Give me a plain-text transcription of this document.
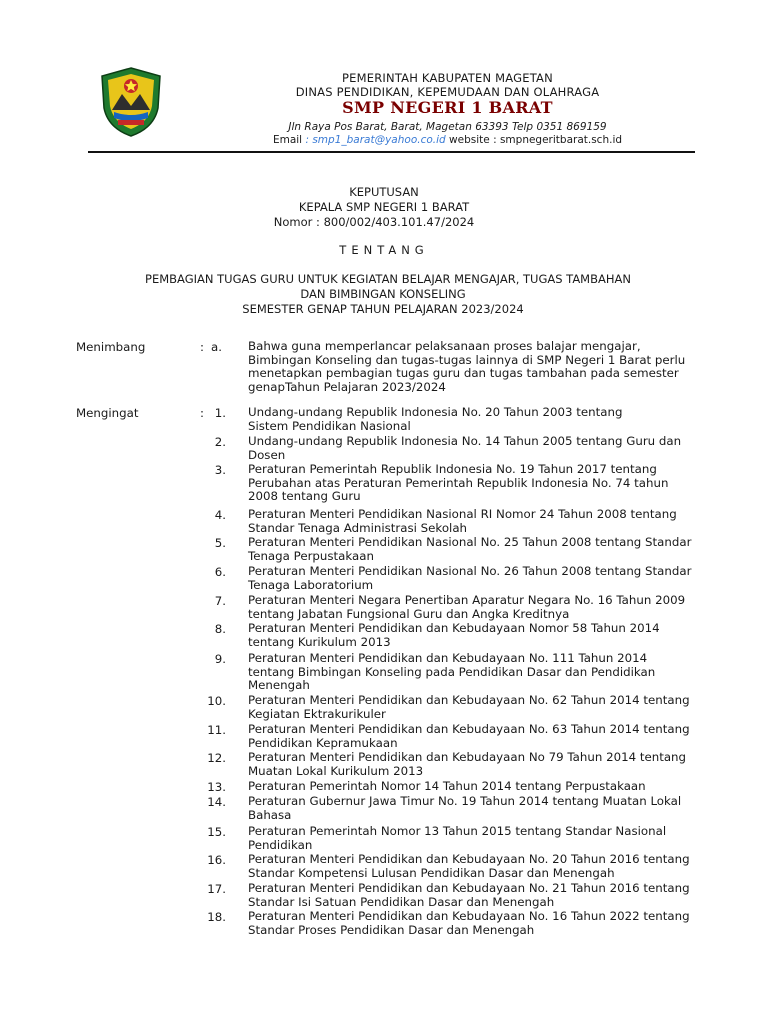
PEMERINTAH KABUPATEN MAGETAN
DINAS PENDIDIKAN, KEPEMUDAAN DAN OLAHRAGA
SMP NEGERI 1 BARAT
Jln Raya Pos Barat, Barat, Magetan 63393 Telp 0351 869159
Email : smp1_barat@yahoo.co.id website : smpnegeritbarat.sch.id
KEPUTUSAN
KEPALA SMP NEGERI 1 BARAT
Nomor : 800/002/403.101.47/2024
TENTANG
PEMBAGIAN TUGAS GURU UNTUK KEGIATAN BELAJAR MENGAJAR, TUGAS TAMBAHAN
DAN BIMBINGAN KONSELING
SEMESTER GENAP TAHUN PELAJARAN 2023/2024
Menimbang	: a. Bahwa guna memperlancar pelaksanaan proses balajar mengajar,
Bimbingan Konseling dan tugas-tugas lainnya di SMP Negeri 1 Barat perlu
menetapkan pembagian tugas guru dan tugas tambahan pada semester
genapTahun Pelajaran 2023/2024
Mengingat	: 1. Undang-undang Republik Indonesia No. 20 Tahun 2003 tentang
Sistem Pendidikan Nasional
2. Undang-undang Republik Indonesia No. 14 Tahun 2005 tentang Guru dan
Dosen
3. Peraturan Pemerintah Republik Indonesia No. 19 Tahun 2017 tentang
Perubahan atas Peraturan Pemerintah Republik Indonesia No. 74 tahun
2008 tentang Guru
4. Peraturan Menteri Pendidikan Nasional RI Nomor 24 Tahun 2008 tentang
Standar Tenaga Administrasi Sekolah
5. Peraturan Menteri Pendidikan Nasional No. 25 Tahun 2008 tentang Standar
Tenaga Perpustakaan
6. Peraturan Menteri Pendidikan Nasional No. 26 Tahun 2008 tentang Standar
Tenaga Laboratorium
7. Peraturan Menteri Negara Penertiban Aparatur Negara No. 16 Tahun 2009
tentang Jabatan Fungsional Guru dan Angka Kreditnya
8. Peraturan Menteri Pendidikan dan Kebudayaan Nomor 58 Tahun 2014
tentang Kurikulum 2013
9. Peraturan Menteri Pendidikan dan Kebudayaan No. 111 Tahun 2014
tentang Bimbingan Konseling pada Pendidikan Dasar dan Pendidikan
Menengah
10. Peraturan Menteri Pendidikan dan Kebudayaan No. 62 Tahun 2014 tentang
Kegiatan Ektrakurikuler
11. Peraturan Menteri Pendidikan dan Kebudayaan No. 63 Tahun 2014 tentang
Pendidikan Kepramukaan
12. Peraturan Menteri Pendidikan dan Kebudayaan No 79 Tahun 2014 tentang
Muatan Lokal Kurikulum 2013
13. Peraturan Pemerintah Nomor 14 Tahun 2014 tentang Perpustakaan
14. Peraturan Gubernur Jawa Timur No. 19 Tahun 2014 tentang Muatan Lokal
Bahasa
15. Peraturan Pemerintah Nomor 13 Tahun 2015 tentang Standar Nasional
Pendidikan
16. Peraturan Menteri Pendidikan dan Kebudayaan No. 20 Tahun 2016 tentang
Standar Kompetensi Lulusan Pendidikan Dasar dan Menengah
17. Peraturan Menteri Pendidikan dan Kebudayaan No. 21 Tahun 2016 tentang
Standar Isi Satuan Pendidikan Dasar dan Menengah
18. Peraturan Menteri Pendidikan dan Kebudayaan No. 16 Tahun 2022 tentang
Standar Proses Pendidikan Dasar dan Menengah
